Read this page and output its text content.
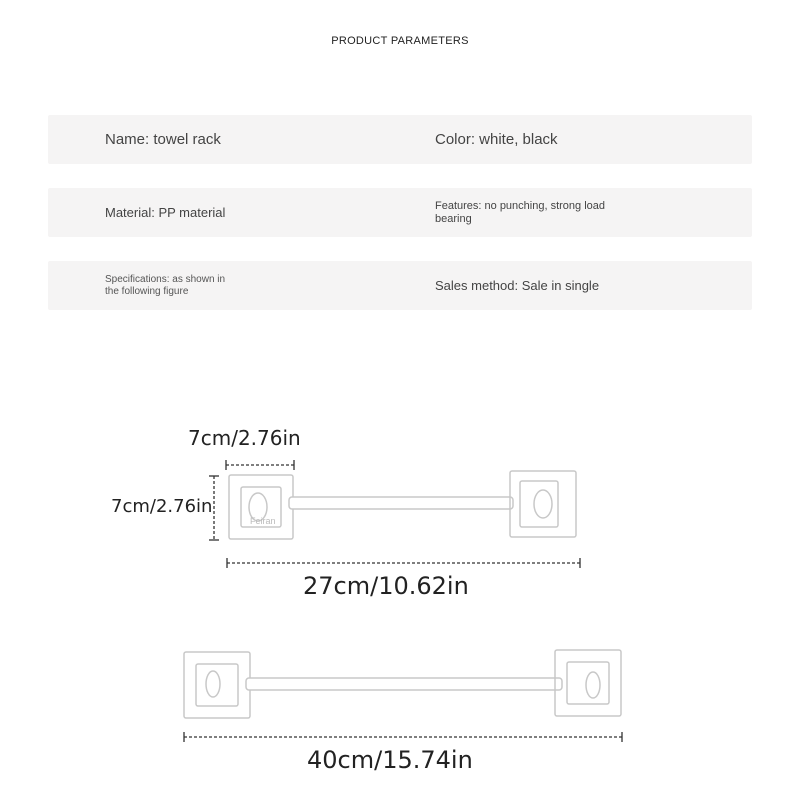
PRODUCT PARAMETERS
Name: towel rack	Color: white, black
Material: PP material	Features: no punching, strong load bearing
Specifications: as shown in the following figure	Sales method: Sale in single
Feiran
7cm/2.76in
7cm/2.76in
27cm/10.62in
40cm/15.74in
